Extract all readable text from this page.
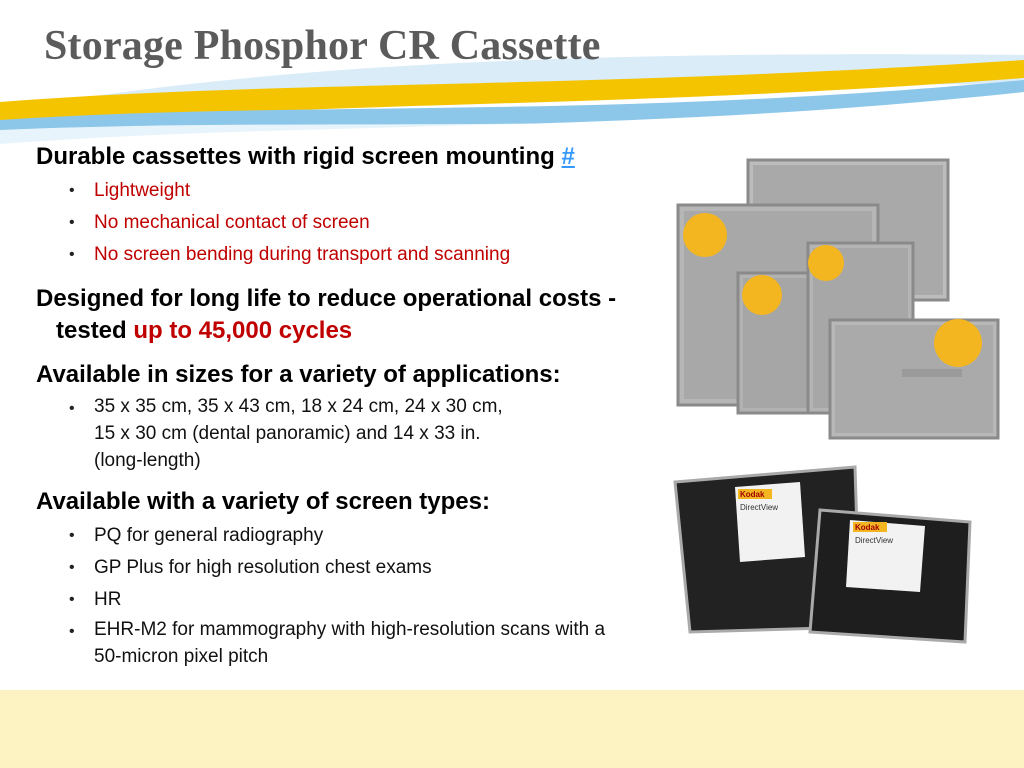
Storage Phosphor CR Cassette
Kodak
DirectView
Kodak
DirectView

Durable cassettes with rigid screen mounting #

• Lightweight
• No mechanical contact of screen
• No screen bending during transport and scanning

Designed for long life to reduce operational costs -
tested up to 45,000 cycles

Available in sizes for a variety of applications:

• 35 x 35 cm, 35 x 43 cm, 18 x 24 cm, 24 x 30 cm,
15 x 30 cm (dental panoramic) and 14 x 33 in.
(long-length)

Available with a variety of screen types:

• PQ for general radiography
• GP Plus for high resolution chest exams
• HR
• EHR-M2 for mammography with high-resolution scans with a
50-micron pixel pitch
